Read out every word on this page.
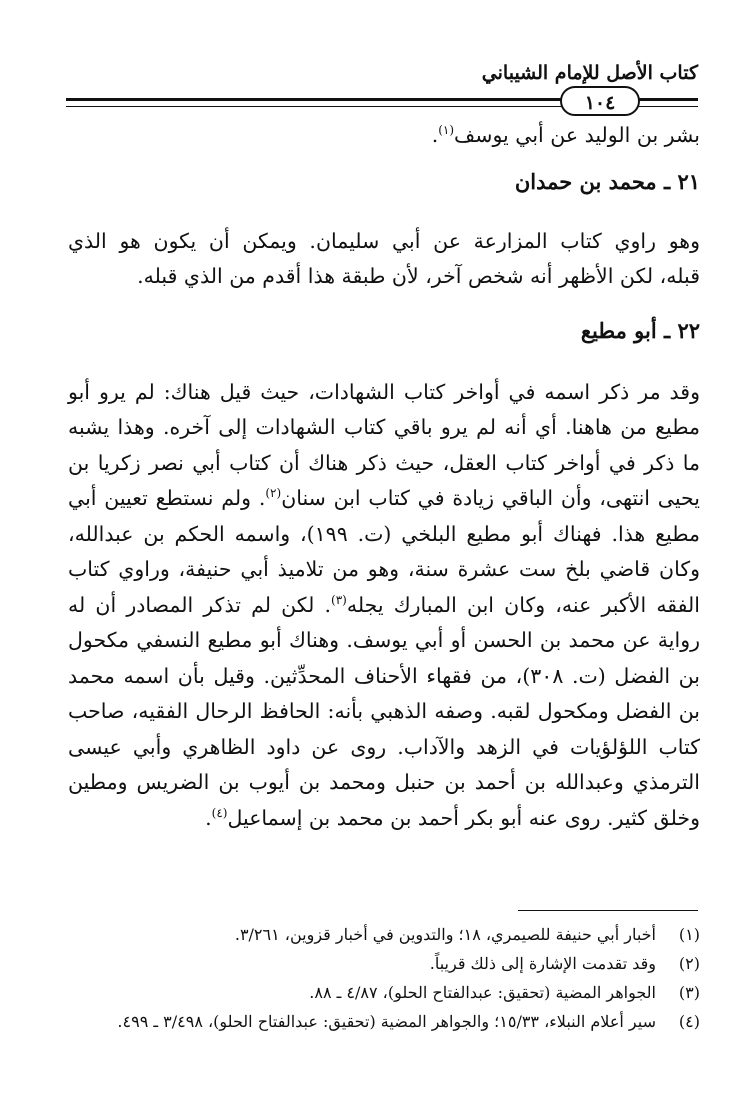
كتاب الأصل للإمام الشيباني
١٠٤

بشر بن الوليد عن أبي يوسف$^{(١)}$.

٢١ ـ محمد بن حمدان

وهو راوي كتاب المزارعة عن أبي سليمان. ويمكن أن يكون هو الذي
قبله، لكن الأظهر أنه شخص آخر، لأن طبقة هذا أقدم من الذي قبله.

٢٢ ـ أبو مطيع

وقد مر ذكر اسمه في أواخر كتاب الشهادات، حيث قيل هناك: لم يرو أبو مطيع من هاهنا. أي أنه لم يرو باقي كتاب الشهادات إلى آخره. وهذا يشبه ما ذكر في أواخر كتاب العقل، حيث ذكر هناك أن كتاب أبي نصر زكريا بن يحيى انتهى، وأن الباقي زيادة في كتاب ابن سنان$^{(٢)}$. ولم نستطع تعيين أبي مطيع هذا. فهناك أبو مطيع البلخي (ت. ١٩٩)، واسمه الحكم بن عبدالله، وكان قاضي بلخ ست عشرة سنة، وهو من تلاميذ أبي حنيفة، وراوي كتاب الفقه الأكبر عنه، وكان ابن المبارك يجله$^{(٣)}$. لكن لم تذكر المصادر أن له رواية عن محمد بن الحسن أو أبي يوسف. وهناك أبو مطيع النسفي مكحول بن الفضل (ت. ٣٠٨)، من فقهاء الأحناف المحدِّثين. وقيل بأن اسمه محمد بن الفضل ومكحول لقبه. وصفه الذهبي بأنه: الحافظ الرحال الفقيه، صاحب كتاب اللؤلؤيات في الزهد والآداب. روى عن داود الظاهري وأبي عيسى الترمذي وعبدالله بن أحمد بن حنبل ومحمد بن أيوب بن الضريس ومطين وخلق كثير. روى عنه أبو بكر أحمد بن محمد بن إسماعيل$^{(٤)}$.

(١)
أخبار أبي حنيفة للصيمري، ١٨؛ والتدوين في أخبار قزوين، ٣/٢٦١.
(٢)
وقد تقدمت الإشارة إلى ذلك قريباً.
(٣)
الجواهر المضية (تحقيق: عبدالفتاح الحلو)، ٤/٨٧ ـ ٨٨.
(٤)
سير أعلام النبلاء، ١٥/٣٣؛ والجواهر المضية (تحقيق: عبدالفتاح الحلو)، ٣/٤٩٨ ـ ٤٩٩.
